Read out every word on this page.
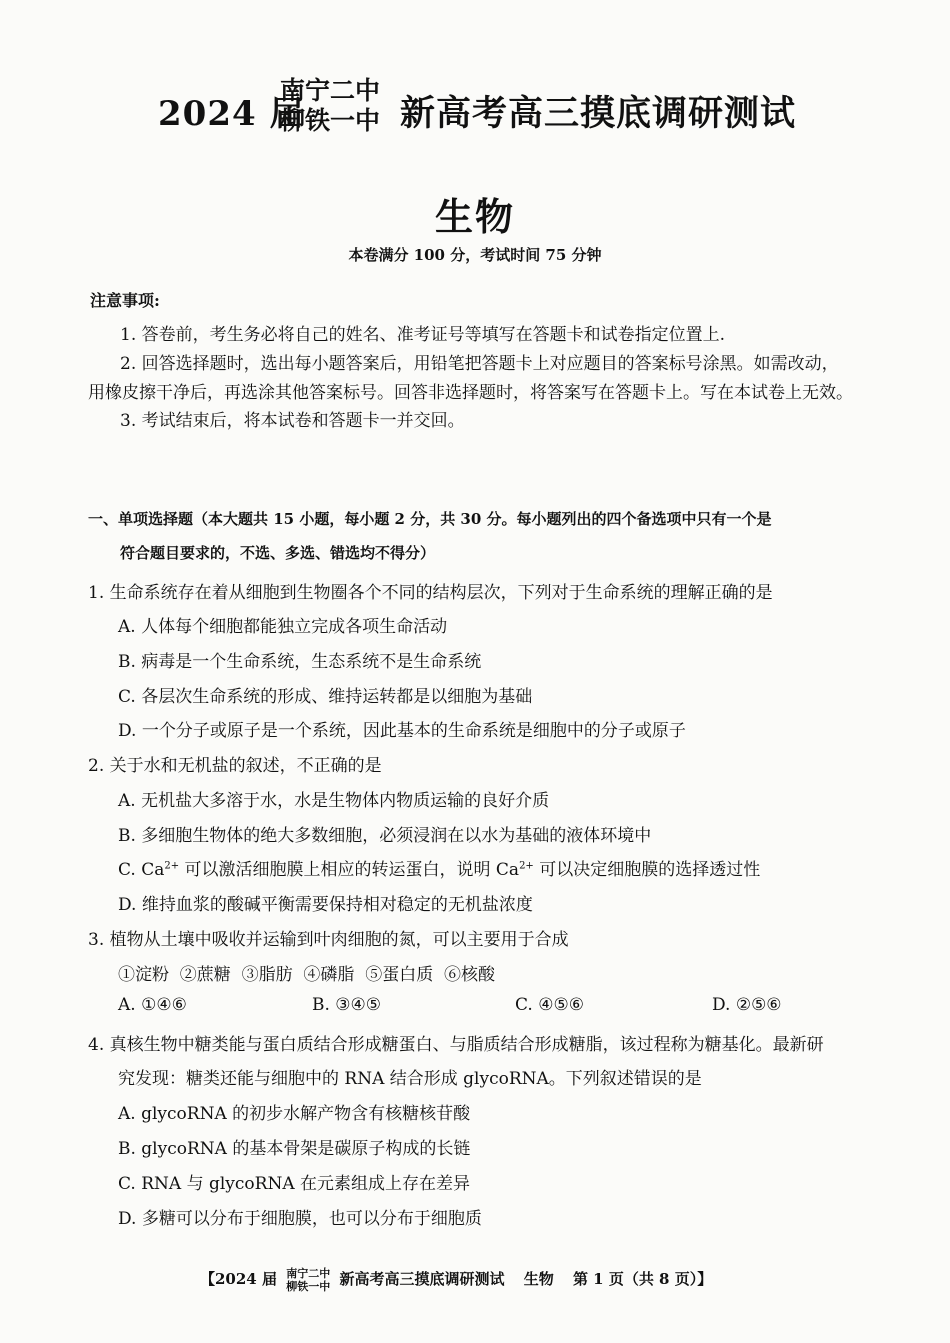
2024 届
南宁二中
柳铁一中 新高考高三摸底调研测试
生物
本卷满分 100 分，考试时间 75 分钟
注意事项:
1. 答卷前，考生务必将自己的姓名、准考证号等填写在答题卡和试卷指定位置上.
2. 回答选择题时，选出每小题答案后，用铅笔把答题卡上对应题目的答案标号涂黑。如需改动，
用橡皮擦干净后，再选涂其他答案标号。回答非选择题时，将答案写在答题卡上。写在本试卷上无效。
3. 考试结束后，将本试卷和答题卡一并交回。
一、单项选择题（本大题共 15 小题，每小题 2 分，共 30 分。每小题列出的四个备选项中只有一个是
符合题目要求的，不选、多选、错选均不得分）
1. 生命系统存在着从细胞到生物圈各个不同的结构层次，下列对于生命系统的理解正确的是
A. 人体每个细胞都能独立完成各项生命活动
B. 病毒是一个生命系统，生态系统不是生命系统
C. 各层次生命系统的形成、维持运转都是以细胞为基础
D. 一个分子或原子是一个系统，因此基本的生命系统是细胞中的分子或原子
2. 关于水和无机盐的叙述，不正确的是
A. 无机盐大多溶于水，水是生物体内物质运输的良好介质
B. 多细胞生物体的绝大多数细胞，必须浸润在以水为基础的液体环境中
C. $Ca^{2+}$ 可以激活细胞膜上相应的转运蛋白，说明 $Ca^{2+}$ 可以决定细胞膜的选择透过性
D. 维持血浆的酸碱平衡需要保持相对稳定的无机盐浓度
3. 植物从土壤中吸收并运输到叶肉细胞的氮，可以主要用于合成
①淀粉  ②蔗糖  ③脂肪  ④磷脂  ⑤蛋白质  ⑥核酸
A. ①④⑥	B. ③④⑤	C. ④⑤⑥	D. ②⑤⑥
4. 真核生物中糖类能与蛋白质结合形成糖蛋白、与脂质结合形成糖脂，该过程称为糖基化。最新研
究发现：糖类还能与细胞中的 RNA 结合形成 glycoRNA。下列叙述错误的是
A. glycoRNA 的初步水解产物含有核糖核苷酸
B. glycoRNA 的基本骨架是碳原子构成的长链
C. RNA 与 glycoRNA 在元素组成上存在差异
D. 多糖可以分布于细胞膜，也可以分布于细胞质
【2024 届 南宁二中
柳铁一中 新高考高三摸底调研测试 生物 第 1 页（共 8 页）】
